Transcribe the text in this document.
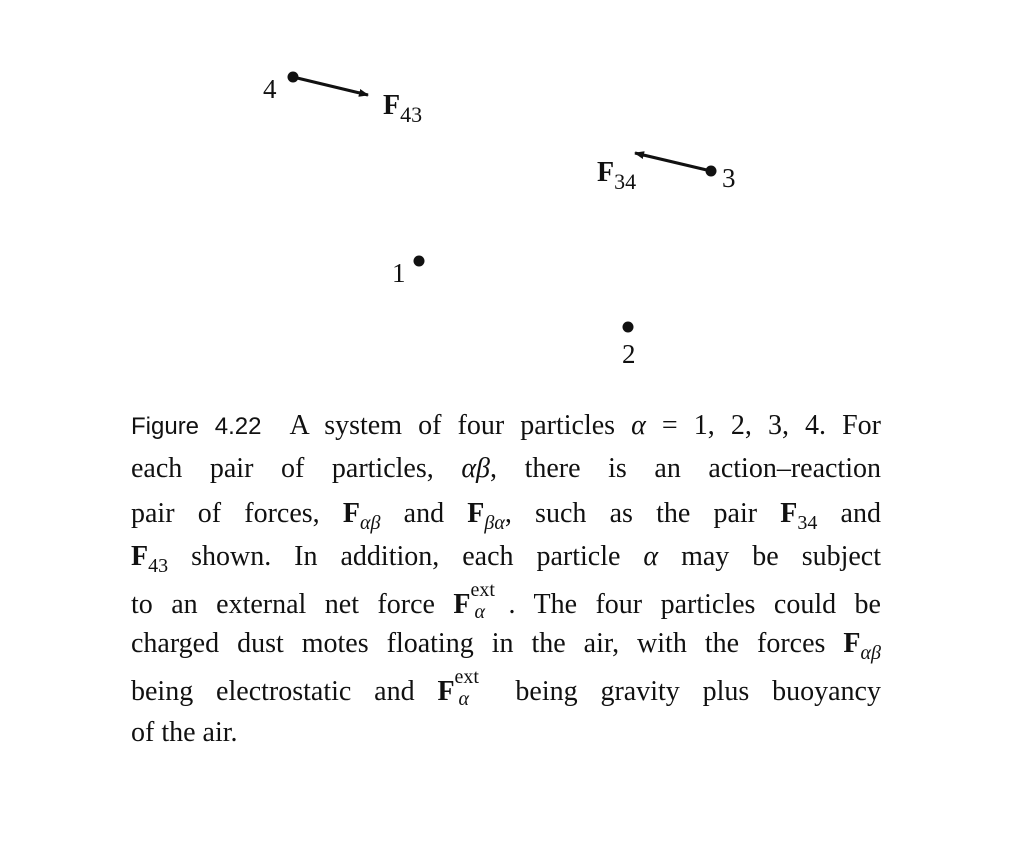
4
3
1
2
$F_{43}$
$F_{34}$
Figure 4.22 A system of four particles α = 1, 2, 3, 4. For
each pair of particles, αβ, there is an action–reaction
pair of forces, $F_{\alpha\beta}$ and $F_{\beta\alpha}$, such as the pair $F_{34}$ and
$F_{43}$ shown. In addition, each particle α may be subject
to an external net force F ext
α . The four particles could be
charged dust motes floating in the air, with the forces $F_{\alpha\beta}$
being electrostatic and F ext
α being gravity plus buoyancy
of the air.
